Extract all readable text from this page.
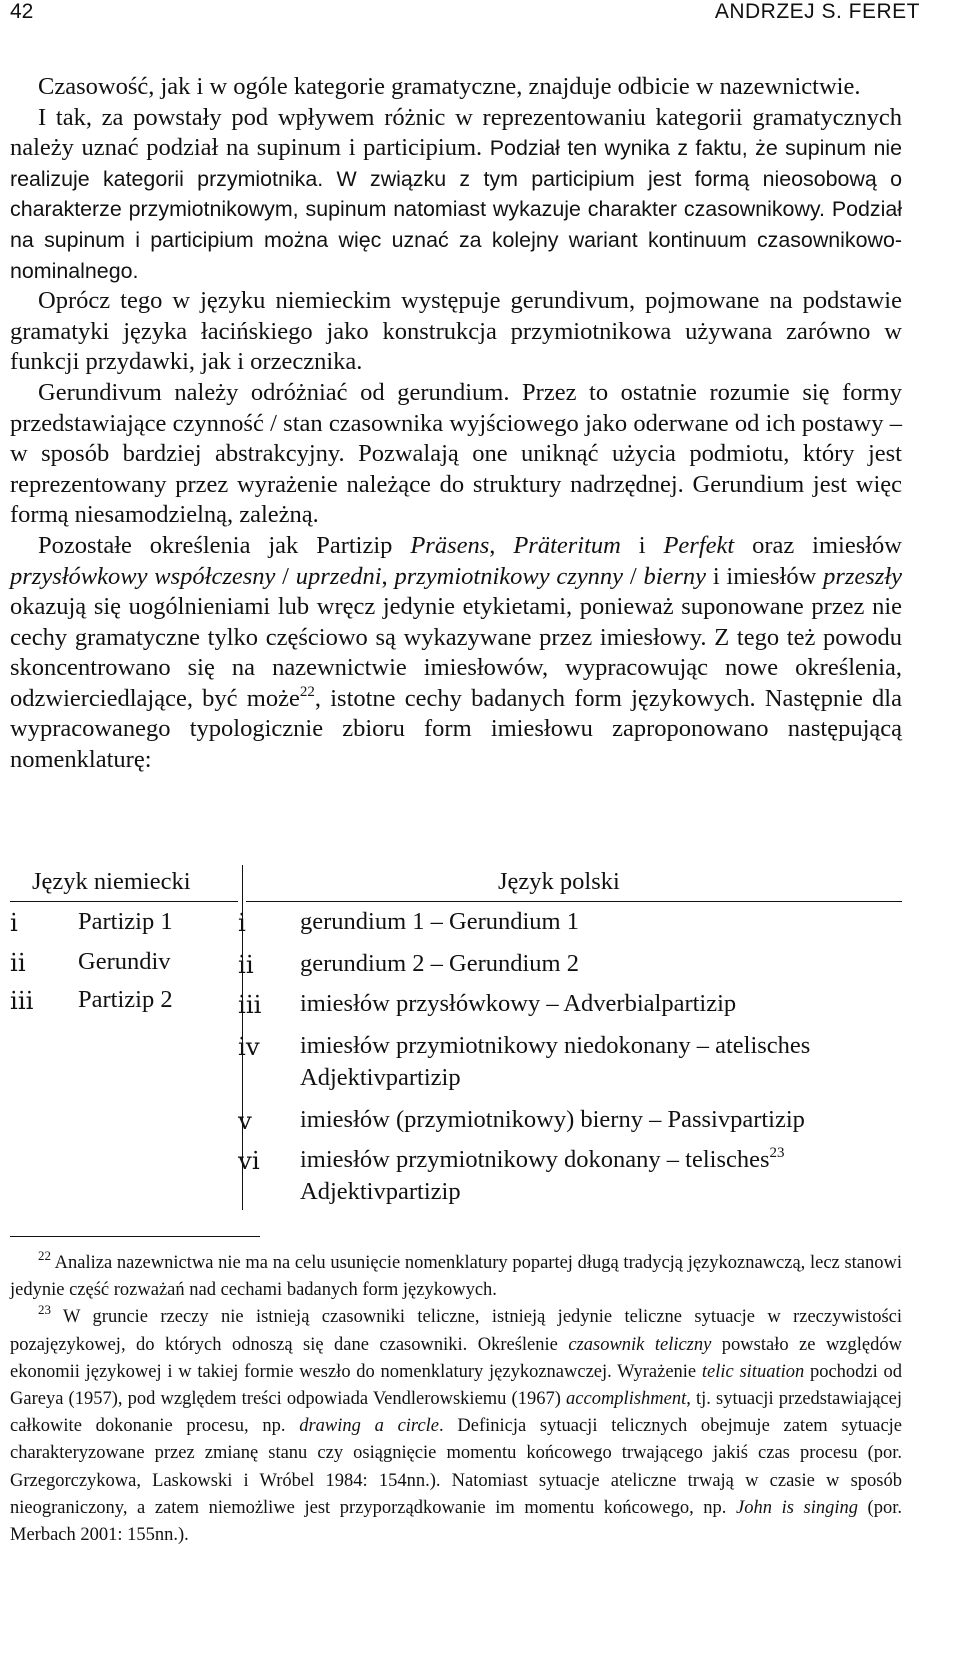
42	ANDRZEJ S. FERET

Czasowość, jak i w ogóle kategorie gramatyczne, znajduje odbicie w nazewnictwie.

I tak, za powstały pod wpływem różnic w reprezentowaniu kategorii gramatycznych należy uznać podział na supinum i participium. Podział ten wynika z faktu, że supinum nie realizuje kategorii przymiotnika. W związku z tym participium jest formą nieosobową o charakterze przymiotnikowym, supinum natomiast wykazuje charakter czasownikowy. Podział na supinum i participium można więc uznać za kolejny wariant kontinuum czasownikowo-nominalnego.

Oprócz tego w języku niemieckim występuje gerundivum, pojmowane na podstawie gramatyki języka łacińskiego jako konstrukcja przymiotnikowa używana zarówno w funkcji przydawki, jak i orzecznika.

Gerundivum należy odróżniać od gerundium. Przez to ostatnie rozumie się formy przedstawiające czynność / stan czasownika wyjściowego jako oderwane od ich postawy – w sposób bardziej abstrakcyjny. Pozwalają one uniknąć użycia podmiotu, który jest reprezentowany przez wyrażenie należące do struktury nadrzędnej. Gerundium jest więc formą niesamodzielną, zależną.

Pozostałe określenia jak Partizip Präsens, Präteritum i Perfekt oraz imiesłów przysłówkowy współczesny / uprzedni, przymiotnikowy czynny / bierny i imiesłów przeszły okazują się uogólnieniami lub wręcz jedynie etykietami, ponieważ suponowane przez nie cechy gramatyczne tylko częściowo są wykazywane przez imiesłowy. Z tego też powodu skoncentrowano się na nazewnictwie imiesłowów, wypracowując nowe określenia, odzwierciedlające, być może$^{22}$, istotne cechy badanych form językowych. Następnie dla wypracowanego typologicznie zbioru form imiesłowu zaproponowano następującą nomenklaturę:

Język niemiecki	Język polski
i Partizip 1
ii Gerundiv
iii Partizip 2
i gerundium 1 – Gerundium 1
ii gerundium 2 – Gerundium 2
iii imiesłów przysłówkowy – Adverbialpartizip
iv imiesłów przymiotnikowy niedokonany – atelisches
Adjektivpartizip
v imiesłów (przymiotnikowy) bierny – Passivpartizip
vi imiesłów przymiotnikowy dokonany – telisches$^{23}$
Adjektivpartizip

$^{22}$ Analiza nazewnictwa nie ma na celu usunięcie nomenklatury popartej długą tradycją językoznawczą, lecz stanowi jedynie część rozważań nad cechami badanych form językowych.

$^{23}$ W gruncie rzeczy nie istnieją czasowniki teliczne, istnieją jedynie teliczne sytuacje w rzeczywistości pozajęzykowej, do których odnoszą się dane czasowniki. Określenie czasownik teliczny powstało ze względów ekonomii językowej i w takiej formie weszło do nomenklatury językoznawczej. Wyrażenie telic situation pochodzi od Gareya (1957), pod względem treści odpowiada Vendlerowskiemu (1967) accomplishment, tj. sytuacji przedstawiającej całkowite dokonanie procesu, np. drawing a circle. Definicja sytuacji telicznych obejmuje zatem sytuacje charakteryzowane przez zmianę stanu czy osiągnięcie momentu końcowego trwającego jakiś czas procesu (por. Grzegorczykowa, Laskowski i Wróbel 1984: 154nn.). Natomiast sytuacje ateliczne trwają w czasie w sposób nieograniczony, a zatem niemożliwe jest przyporządkowanie im momentu końcowego, np. John is singing (por. Merbach 2001: 155nn.).
